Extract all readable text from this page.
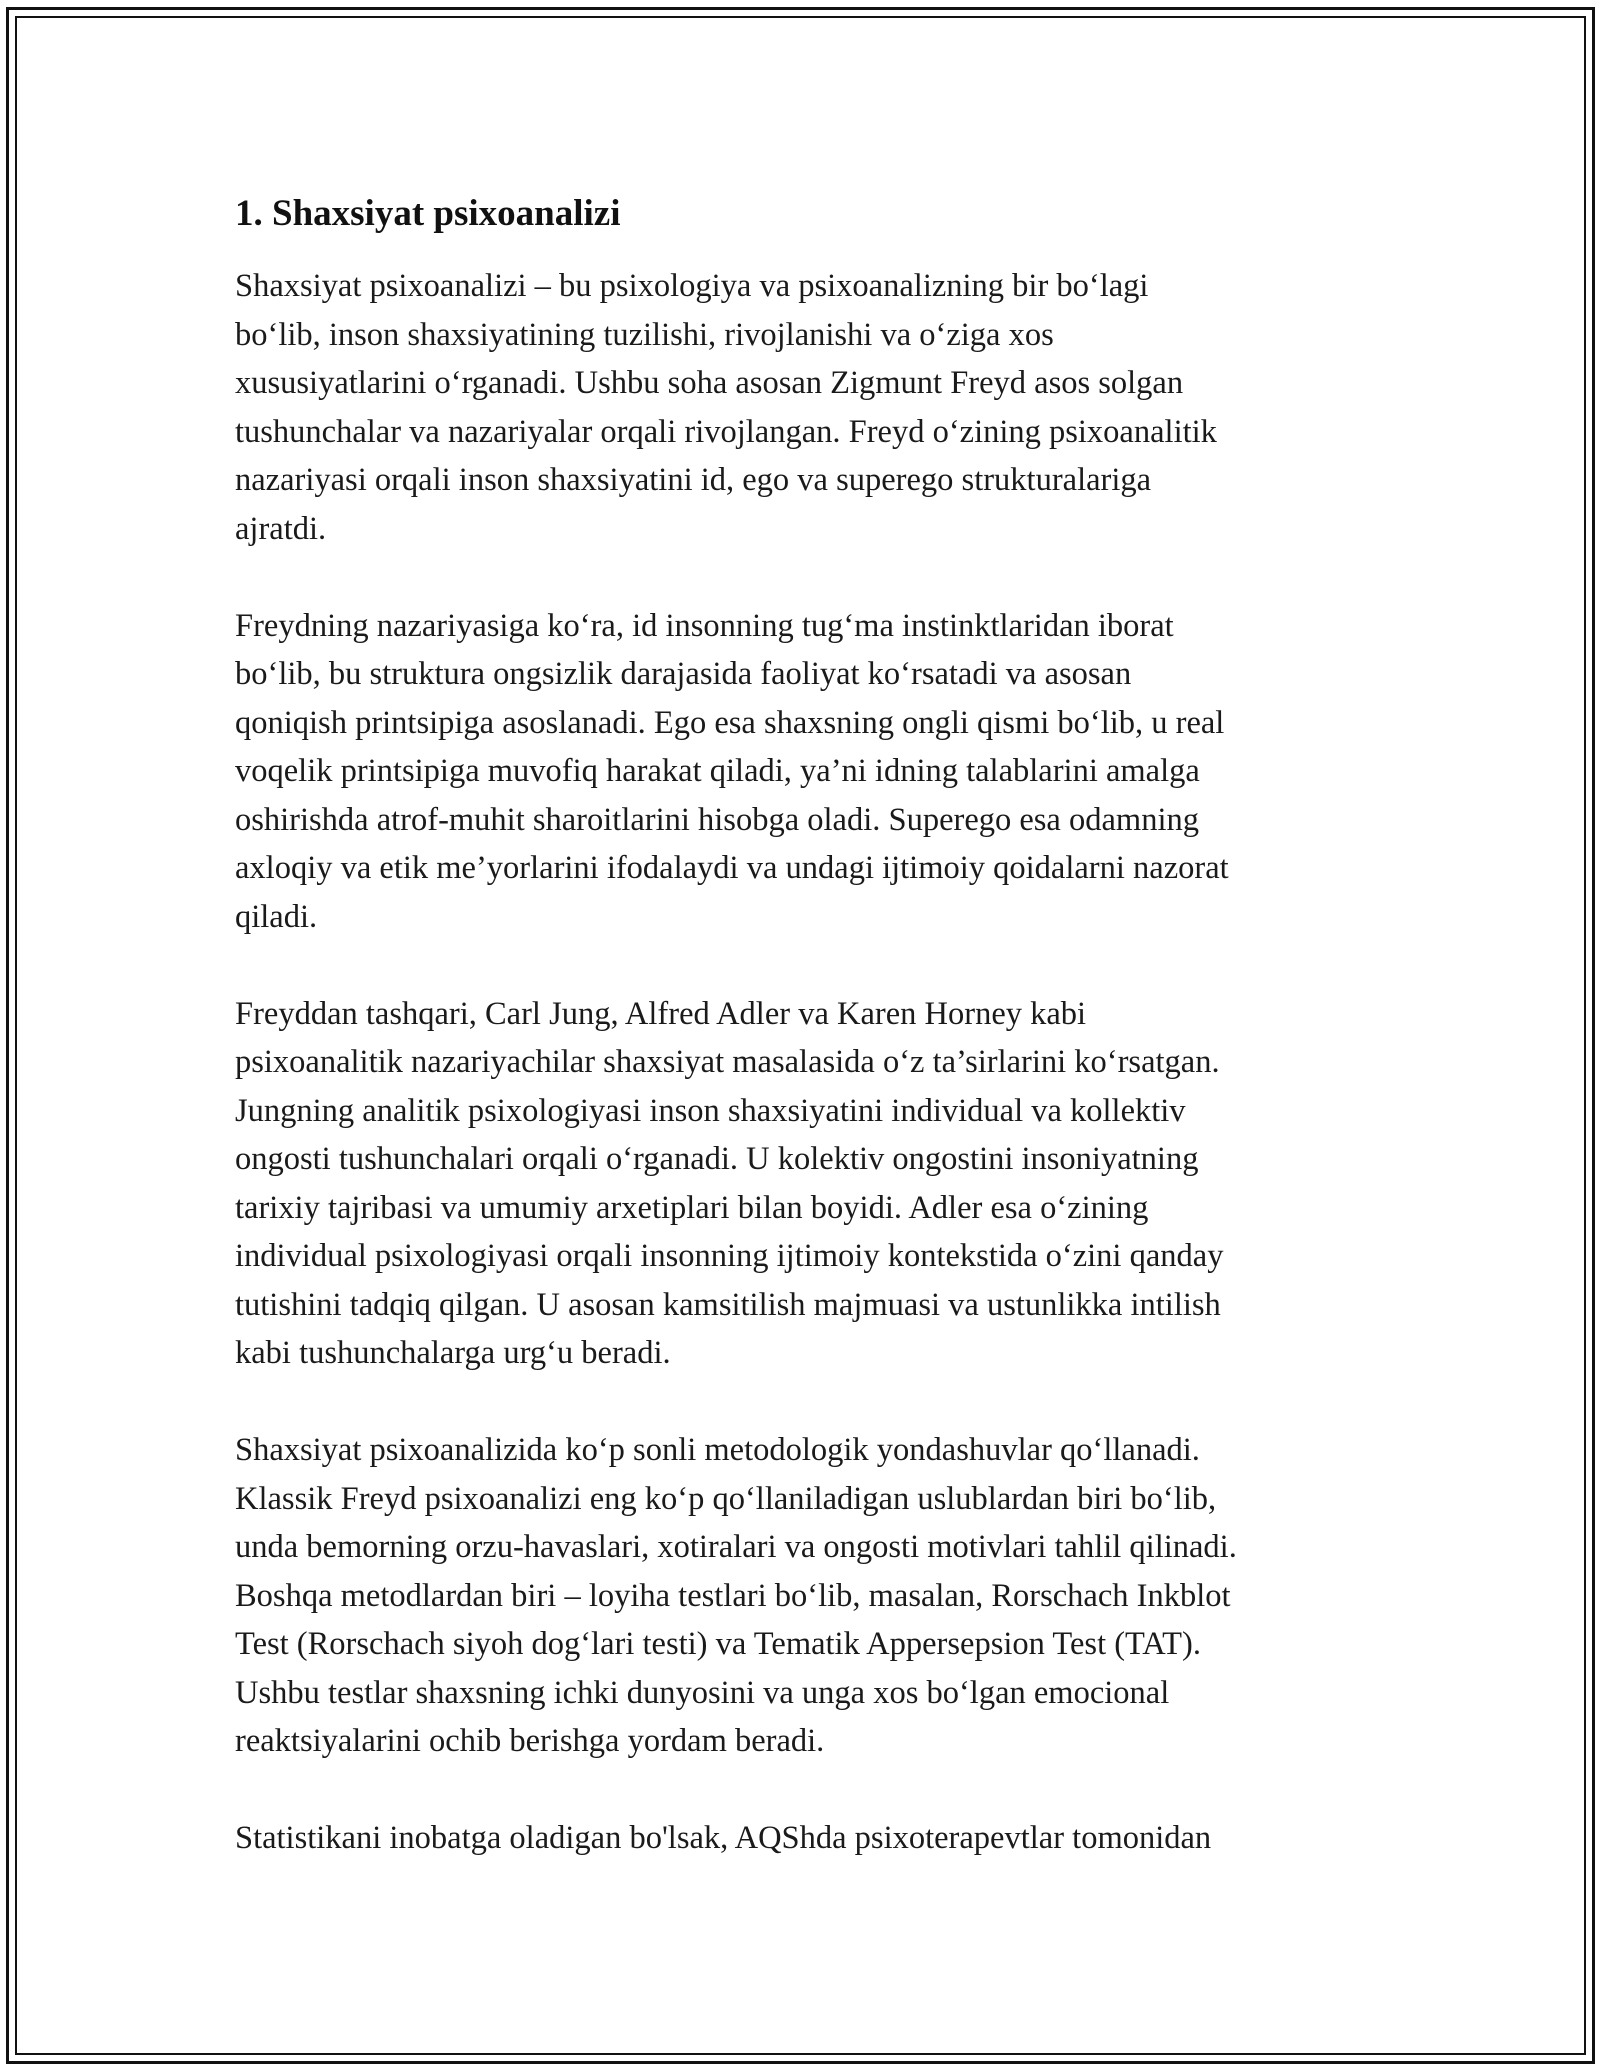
1. Shaxsiyat psixoanalizi

Shaxsiyat psixoanalizi – bu psixologiya va psixoanalizning bir bo‘lagi
bo‘lib, inson shaxsiyatining tuzilishi, rivojlanishi va o‘ziga xos
xususiyatlarini o‘rganadi. Ushbu soha asosan Zigmunt Freyd asos solgan
tushunchalar va nazariyalar orqali rivojlangan. Freyd o‘zining psixoanalitik
nazariyasi orqali inson shaxsiyatini id, ego va superego strukturalariga
ajratdi.

Freydning nazariyasiga ko‘ra, id insonning tug‘ma instinktlaridan iborat
bo‘lib, bu struktura ongsizlik darajasida faoliyat ko‘rsatadi va asosan
qoniqish printsipiga asoslanadi. Ego esa shaxsning ongli qismi bo‘lib, u real
voqelik printsipiga muvofiq harakat qiladi, ya’ni idning talablarini amalga
oshirishda atrof-muhit sharoitlarini hisobga oladi. Superego esa odamning
axloqiy va etik me’yorlarini ifodalaydi va undagi ijtimoiy qoidalarni nazorat
qiladi.

Freyddan tashqari, Carl Jung, Alfred Adler va Karen Horney kabi
psixoanalitik nazariyachilar shaxsiyat masalasida o‘z ta’sirlarini ko‘rsatgan.
Jungning analitik psixologiyasi inson shaxsiyatini individual va kollektiv
ongosti tushunchalari orqali o‘rganadi. U kolektiv ongostini insoniyatning
tarixiy tajribasi va umumiy arxetiplari bilan boyidi. Adler esa o‘zining
individual psixologiyasi orqali insonning ijtimoiy kontekstida o‘zini qanday
tutishini tadqiq qilgan. U asosan kamsitilish majmuasi va ustunlikka intilish
kabi tushunchalarga urg‘u beradi.

Shaxsiyat psixoanalizida ko‘p sonli metodologik yondashuvlar qo‘llanadi.
Klassik Freyd psixoanalizi eng ko‘p qo‘llaniladigan uslublardan biri bo‘lib,
unda bemorning orzu-havaslari, xotiralari va ongosti motivlari tahlil qilinadi.
Boshqa metodlardan biri – loyiha testlari bo‘lib, masalan, Rorschach Inkblot
Test (Rorschach siyoh dog‘lari testi) va Tematik Appersepsion Test (TAT).
Ushbu testlar shaxsning ichki dunyosini va unga xos bo‘lgan emocional
reaktsiyalarini ochib berishga yordam beradi.

Statistikani inobatga oladigan bo'lsak, AQShda psixoterapevtlar tomonidan
